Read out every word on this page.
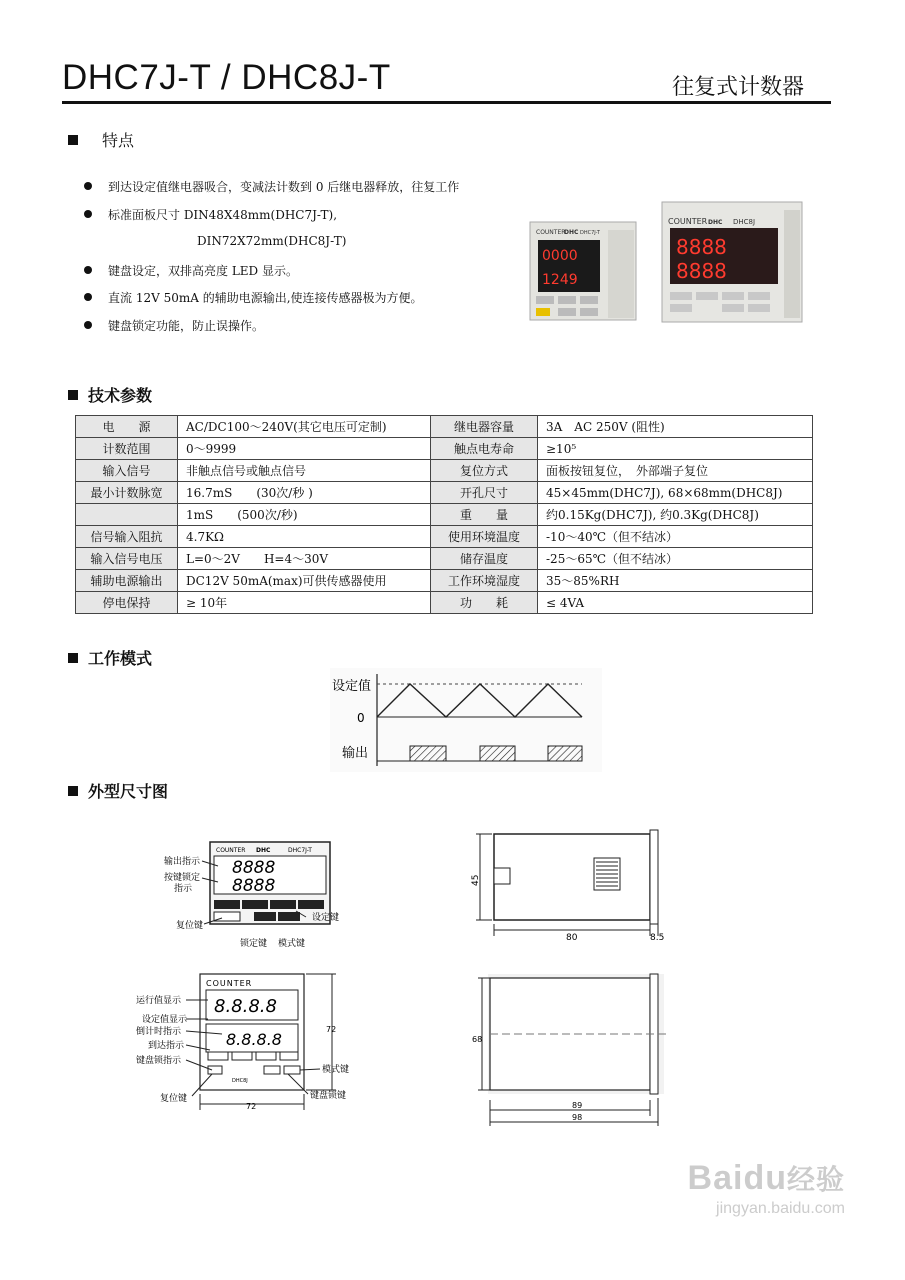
DHC7J-T / DHC8J-T	往复式计数器
特点
到达设定值继电器吸合，变减法计数到 0 后继电器释放，往复工作
标准面板尺寸 DIN48X48mm(DHC7J-T),
DIN72X72mm(DHC8J-T)
键盘设定，双排高亮度 LED 显示。
直流 12V 50mA 的辅助电源输出,使连接传感器极为方便。
键盘锁定功能，防止误操作。
COUNTER
DHC DHC7J-T
0000
1249
COUNTER DHC DHC8J
8888
8888
技术参数
电　　源	AC/DC100～240V(其它电压可定制)	继电器容量	3A　AC 250V (阻性)
计数范围	0～9999	触点电寿命	≥10⁵
输入信号	非触点信号或触点信号	复位方式	面板按钮复位，　外部端子复位
最小计数脉宽	16.7mS　　(30次/秒 )	开孔尺寸	45×45mm(DHC7J), 68×68mm(DHC8J)
	1mS　　(500次/秒)	重　　量	约0.15Kg(DHC7J), 约0.3Kg(DHC8J)
信号输入阻抗	4.7KΩ	使用环境温度	-10～40℃（但不结冰）
输入信号电压	L=0～2V　　H=4～30V	储存温度	-25～65℃（但不结冰）
辅助电源输出	DC12V 50mA(max)可供传感器使用	工作环境湿度	35～85%RH
停电保持	≥ 10年	功　　耗	≤ 4VA
工作模式
设定值
0
输出
外型尺寸图
COUNTER DHC	DHC7J-T
8888
8888
输出指示
按键锁定
指示
复位键
锁定键 模式键
设定键
45
80	8.5
COUNTER
8.8.8.8
8.8.8.8
DHC8J
运行值显示
设定值显示
倒计时指示
到达指示
键盘锁指示
复位键
模式键
键盘锁键
72
72
68
89
98
Baidu经验
jingyan.baidu.com
